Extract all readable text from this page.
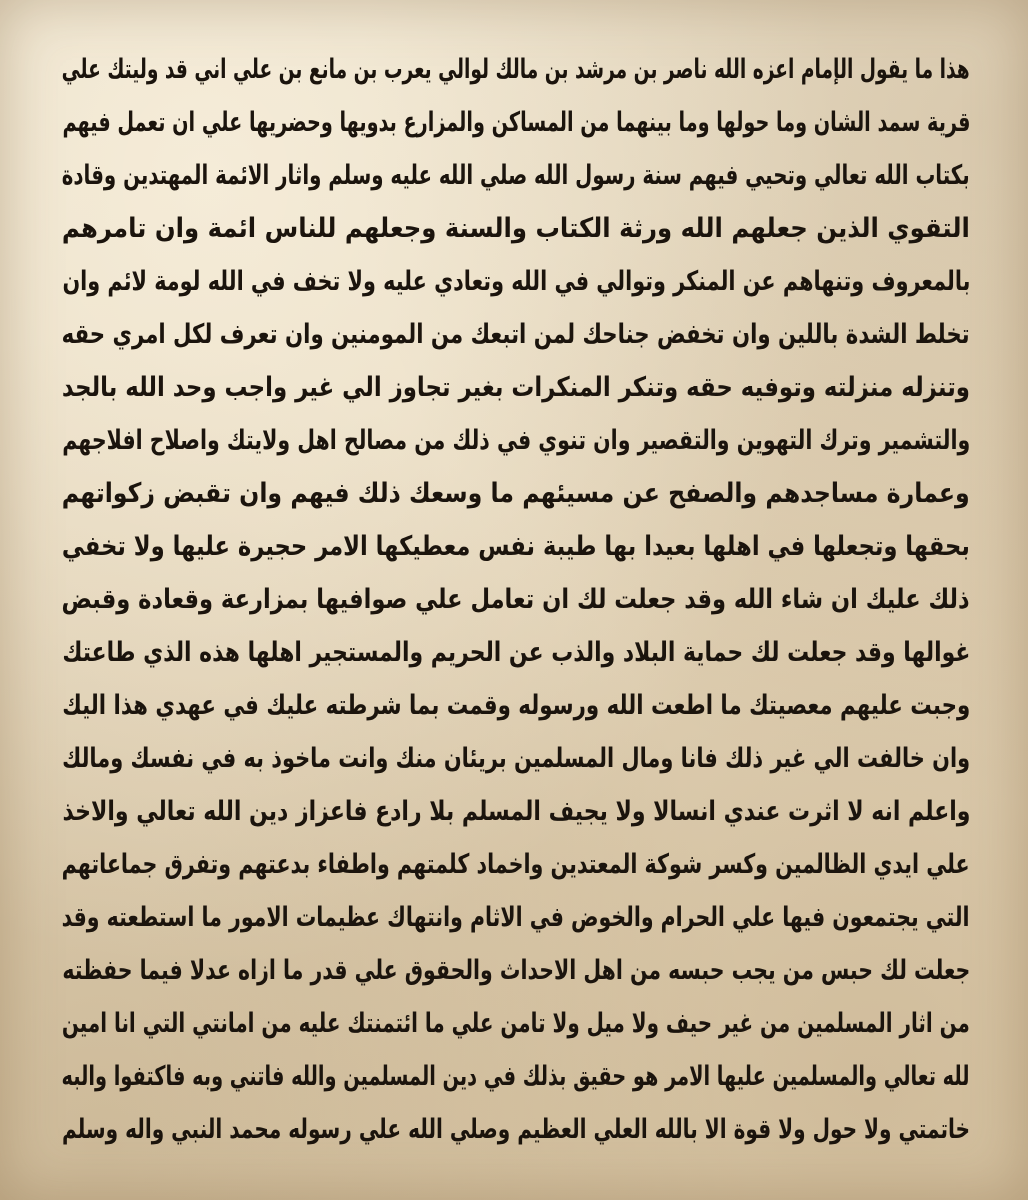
هذا ما يقول الإمام اعزه الله ناصر بن مرشد بن مالك لوالي يعرب بن مانع بن علي اني قد وليتك علي
قرية سمد الشان وما حولها وما بينهما من المساكن والمزارع بدويها وحضريها علي ان تعمل فيهم
بكتاب الله تعالي وتحيي فيهم سنة رسول الله صلي الله عليه وسلم واثار الائمة المهتدين وقادة
التقوي الذين جعلهم الله ورثة الكتاب والسنة وجعلهم للناس ائمة وان تامرهم
بالمعروف وتنهاهم عن المنكر وتوالي في الله وتعادي عليه ولا تخف في الله لومة لائم وان
تخلط الشدة باللين وان تخفض جناحك لمن اتبعك من المومنين وان تعرف لكل امري حقه
وتنزله منزلته وتوفيه حقه وتنكر المنكرات بغير تجاوز الي غير واجب وحد الله بالجد
والتشمير وترك التهوين والتقصير وان تنوي في ذلك من مصالح اهل ولايتك واصلاح افلاجهم
وعمارة مساجدهم والصفح عن مسيئهم ما وسعك ذلك فيهم وان تقبض زكواتهم
بحقها وتجعلها في اهلها بعيدا بها طيبة نفس معطيكها الامر حجيرة عليها ولا تخفي
ذلك عليك ان شاء الله وقد جعلت لك ان تعامل علي صوافيها بمزارعة وقعادة وقبض
غوالها وقد جعلت لك حماية البلاد والذب عن الحريم والمستجير اهلها هذه الذي طاعتك
وجبت عليهم معصيتك ما اطعت الله ورسوله وقمت بما شرطته عليك في عهدي هذا اليك
وان خالفت الي غير ذلك فانا ومال المسلمين بريئان منك وانت ماخوذ به في نفسك ومالك
واعلم انه لا اثرت عندي انسالا ولا يجيف المسلم بلا رادع فاعزاز دين الله تعالي والاخذ
علي ايدي الظالمين وكسر شوكة المعتدين واخماد كلمتهم واطفاء بدعتهم وتفرق جماعاتهم
التي يجتمعون فيها علي الحرام والخوض في الاثام وانتهاك عظيمات الامور ما استطعته وقد
جعلت لك حبس من يجب حبسه من اهل الاحداث والحقوق علي قدر ما ازاه عدلا فيما حفظته
من اثار المسلمين من غير حيف ولا ميل ولا تامن علي ما ائتمنتك عليه من امانتي التي انا امين
لله تعالي والمسلمين عليها الامر هو حقيق بذلك في دين المسلمين والله فاتني وبه فاكتفوا والبه
خاتمتي ولا حول ولا قوة الا بالله العلي العظيم وصلي الله علي رسوله محمد النبي واله وسلم
